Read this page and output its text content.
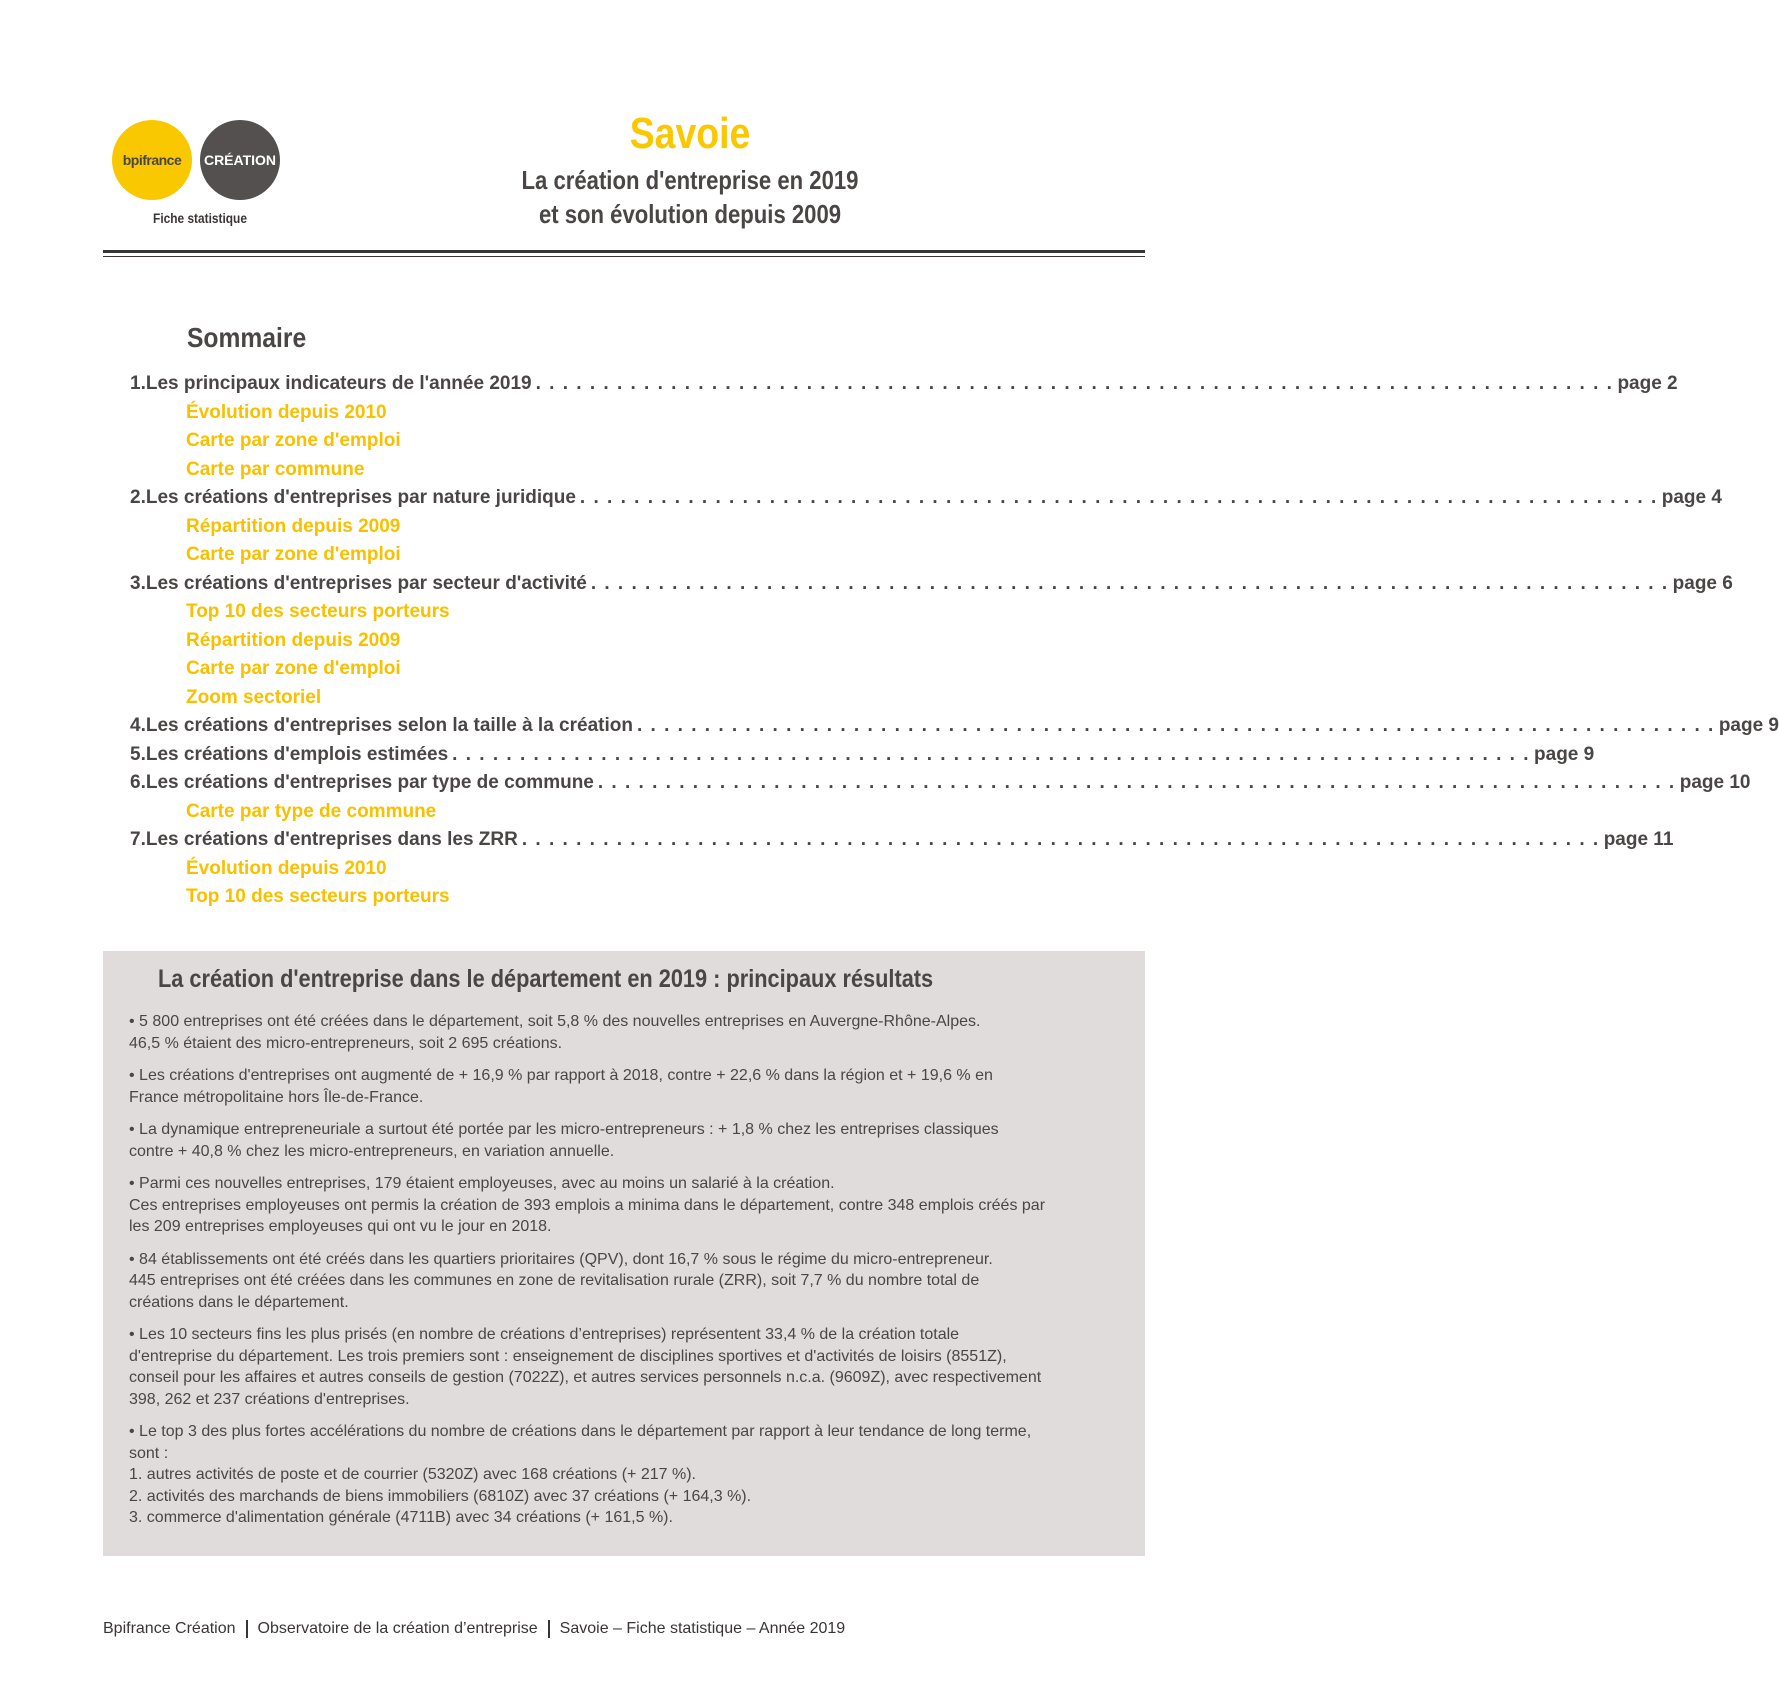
bpifrance	CRÉATION
Fiche statistique
Savoie
La création d'entreprise en 2019
et son évolution depuis 2009
Sommaire
1. Les principaux indicateurs de l'année 2019 . . . . . . . . . . . . . . . . . . . . . . . . . . . . . . . . . . . . . . . . . . . . . . . . . . . . . . . . . . . . . . . . . . . . . . . . . . . . . . . . page 2
Évolution depuis 2010
Carte par zone d'emploi
Carte par commune
2. Les créations d'entreprises par nature juridique . . . . . . . . . . . . . . . . . . . . . . . . . . . . . . . . . . . . . . . . . . . . . . . . . . . . . . . . . . . . . . . . . . . . . . . . . . . . . . . . page 4
Répartition depuis 2009
Carte par zone d'emploi
3. Les créations d'entreprises par secteur d'activité . . . . . . . . . . . . . . . . . . . . . . . . . . . . . . . . . . . . . . . . . . . . . . . . . . . . . . . . . . . . . . . . . . . . . . . . . . . . . . . . page 6
Top 10 des secteurs porteurs
Répartition depuis 2009
Carte par zone d'emploi
Zoom sectoriel
4. Les créations d'entreprises selon la taille à la création . . . . . . . . . . . . . . . . . . . . . . . . . . . . . . . . . . . . . . . . . . . . . . . . . . . . . . . . . . . . . . . . . . . . . . . . . . . . . . . . page 9
5. Les créations d'emplois estimées . . . . . . . . . . . . . . . . . . . . . . . . . . . . . . . . . . . . . . . . . . . . . . . . . . . . . . . . . . . . . . . . . . . . . . . . . . . . . . . . page 9
6. Les créations d'entreprises par type de commune . . . . . . . . . . . . . . . . . . . . . . . . . . . . . . . . . . . . . . . . . . . . . . . . . . . . . . . . . . . . . . . . . . . . . . . . . . . . . . . . page 10
Carte par type de commune
7. Les créations d'entreprises dans les ZRR . . . . . . . . . . . . . . . . . . . . . . . . . . . . . . . . . . . . . . . . . . . . . . . . . . . . . . . . . . . . . . . . . . . . . . . . . . . . . . . . page 11
Évolution depuis 2010
Top 10 des secteurs porteurs
La création d'entreprise dans le département en 2019 : principaux résultats
• 5 800 entreprises ont été créées dans le département, soit 5,8 % des nouvelles entreprises en Auvergne-Rhône-Alpes.
46,5 % étaient des micro-entrepreneurs, soit 2 695 créations.
• Les créations d'entreprises ont augmenté de + 16,9 % par rapport à 2018, contre + 22,6 % dans la région et + 19,6 % en
France métropolitaine hors Île-de-France.
• La dynamique entrepreneuriale a surtout été portée par les micro-entrepreneurs : + 1,8 % chez les entreprises classiques
contre + 40,8 % chez les micro-entrepreneurs, en variation annuelle.
• Parmi ces nouvelles entreprises, 179 étaient employeuses, avec au moins un salarié à la création.
Ces entreprises employeuses ont permis la création de 393 emplois a minima dans le département, contre 348 emplois créés par
les 209 entreprises employeuses qui ont vu le jour en 2018.
• 84 établissements ont été créés dans les quartiers prioritaires (QPV), dont 16,7 % sous le régime du micro-entrepreneur.
445 entreprises ont été créées dans les communes en zone de revitalisation rurale (ZRR), soit 7,7 % du nombre total de
créations dans le département.
• Les 10 secteurs fins les plus prisés (en nombre de créations d’entreprises) représentent 33,4 % de la création totale
d'entreprise du département. Les trois premiers sont : enseignement de disciplines sportives et d'activités de loisirs (8551Z),
conseil pour les affaires et autres conseils de gestion (7022Z), et autres services personnels n.c.a. (9609Z), avec respectivement
398, 262 et 237 créations d'entreprises.
• Le top 3 des plus fortes accélérations du nombre de créations dans le département par rapport à leur tendance de long terme,
sont :
1. autres activités de poste et de courrier (5320Z) avec 168 créations (+ 217 %).
2. activités des marchands de biens immobiliers (6810Z) avec 37 créations (+ 164,3 %).
3. commerce d'alimentation générale (4711B) avec 34 créations (+ 161,5 %).
Bpifrance Création Observatoire de la création d’entreprise Savoie – Fiche statistique – Année 2019
